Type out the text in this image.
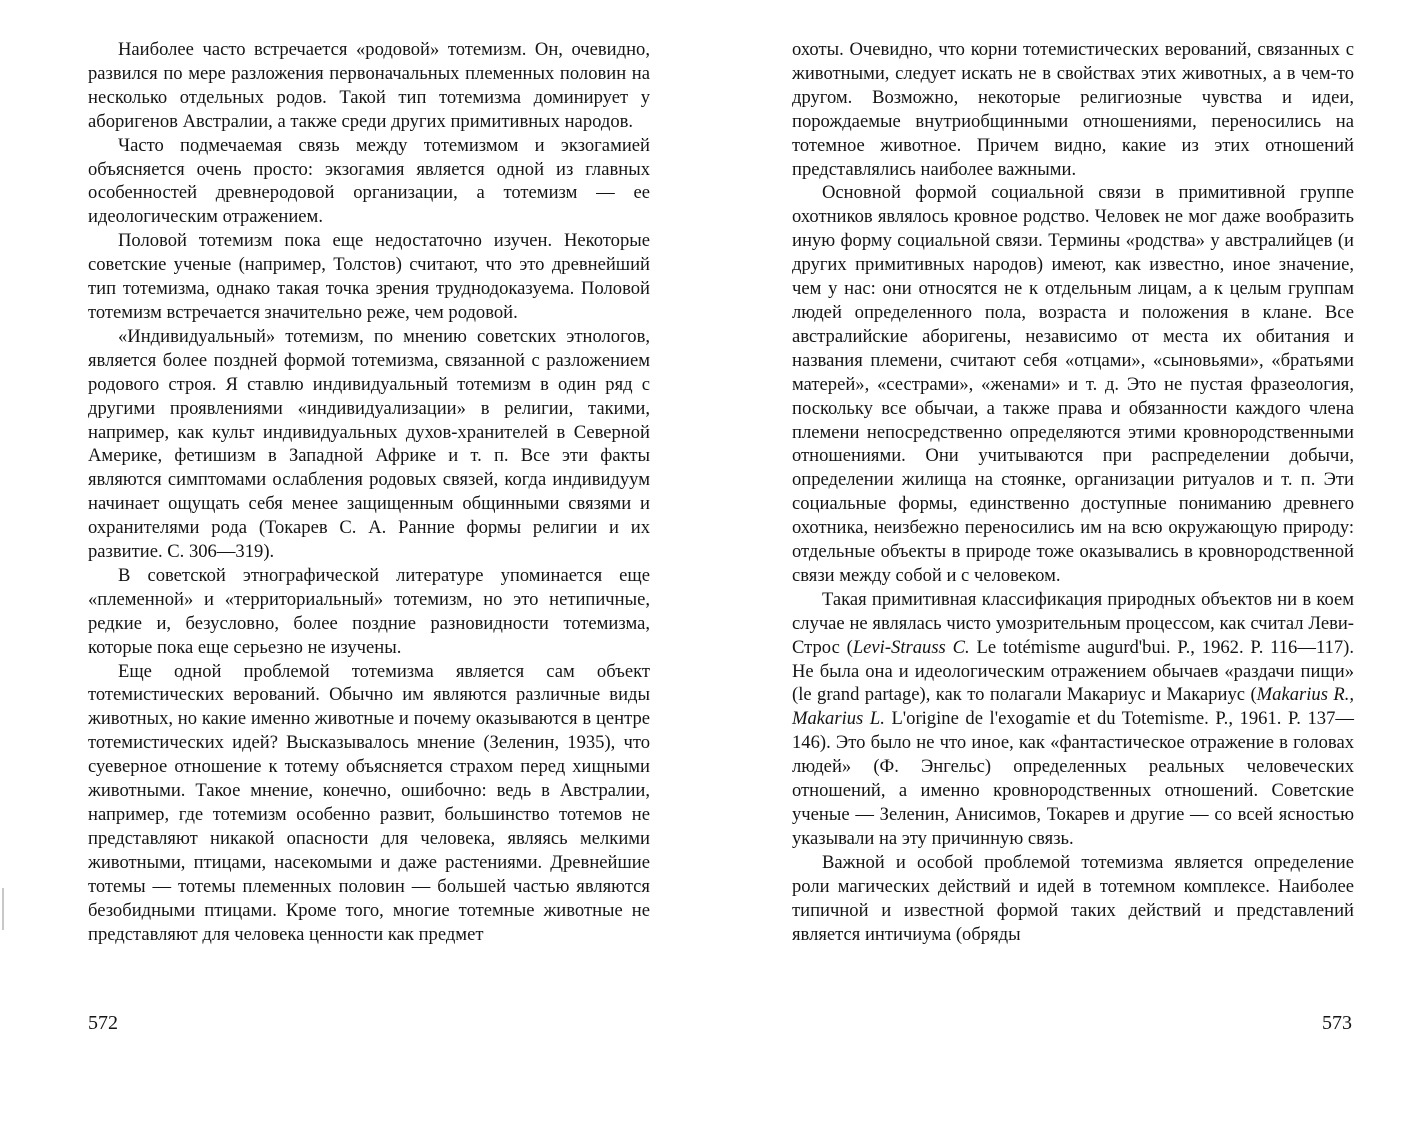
Наиболее часто встречается «родовой» тотемизм. Он, очевидно, развился по мере разложения первоначальных племенных половин на несколько отдельных родов. Такой тип тотемизма доминирует у аборигенов Австралии, а также среди других примитивных народов.

Часто подмечаемая связь между тотемизмом и экзогамией объясняется очень просто: экзогамия является одной из главных особенностей древнеродовой организации, а тотемизм — ее идеологическим отражением.

Половой тотемизм пока еще недостаточно изучен. Некоторые советские ученые (например, Толстов) считают, что это древнейший тип тотемизма, однако такая точка зрения труднодоказуема. Половой тотемизм встречается значительно реже, чем родовой.

«Индивидуальный» тотемизм, по мнению советских этнологов, является более поздней формой тотемизма, связанной с разложением родового строя. Я ставлю индивидуальный тотемизм в один ряд с другими проявлениями «индивидуализации» в религии, такими, например, как культ индивидуальных духов-хранителей в Северной Америке, фетишизм в Западной Африке и т. п. Все эти факты являются симптомами ослабления родовых связей, когда индивидуум начинает ощущать себя менее защищенным общинными связями и охранителями рода (Токарев С. А. Ранние формы религии и их развитие. С. 306—319).

В советской этнографической литературе упоминается еще «племенной» и «территориальный» тотемизм, но это нетипичные, редкие и, безусловно, более поздние разновидности тотемизма, которые пока еще серьезно не изучены.

Еще одной проблемой тотемизма является сам объект тотемистических верований. Обычно им являются различные виды животных, но какие именно животные и почему оказываются в центре тотемистических идей? Высказывалось мнение (Зеленин, 1935), что суеверное отношение к тотему объясняется страхом перед хищными животными. Такое мнение, конечно, ошибочно: ведь в Австралии, например, где тотемизм особенно развит, большинство тотемов не представляют никакой опасности для человека, являясь мелкими животными, птицами, насекомыми и даже растениями. Древнейшие тотемы — тотемы племенных половин — большей частью являются безобидными птицами. Кроме того, многие тотемные животные не представляют для человека ценности как предмет

572

охоты. Очевидно, что корни тотемистических верований, связанных с животными, следует искать не в свойствах этих животных, а в чем-то другом. Возможно, некоторые религиозные чувства и идеи, порождаемые внутриобщинными отношениями, переносились на тотемное животное. Причем видно, какие из этих отношений представлялись наиболее важными.

Основной формой социальной связи в примитивной группе охотников являлось кровное родство. Человек не мог даже вообразить иную форму социальной связи. Термины «родства» у австралийцев (и других примитивных народов) имеют, как известно, иное значение, чем у нас: они относятся не к отдельным лицам, а к целым группам людей определенного пола, возраста и положения в клане. Все австралийские аборигены, независимо от места их обитания и названия племени, считают себя «отцами», «сыновьями», «братьями матерей», «сестрами», «женами» и т. д. Это не пустая фразеология, поскольку все обычаи, а также права и обязанности каждого члена племени непосредственно определяются этими кровнородственными отношениями. Они учитываются при распределении добычи, определении жилища на стоянке, организации ритуалов и т. п. Эти социальные формы, единственно доступные пониманию древнего охотника, неизбежно переносились им на всю окружающую природу: отдельные объекты в природе тоже оказывались в кровнородственной связи между собой и с человеком.

Такая примитивная классификация природных объектов ни в коем случае не являлась чисто умозрительным процессом, как считал Леви-Строс (Levi-Strauss C. Le totémisme augurd'bui. P., 1962. P. 116—117). Не была она и идеологическим отражением обычаев «раздачи пищи» (le grand partage), как то полагали Макариус и Макариус (Makarius R., Makarius L. L'origine de l'exogamie et du Totemisme. P., 1961. P. 137—146). Это было не что иное, как «фантастическое отражение в головах людей» (Ф. Энгельс) определенных реальных человеческих отношений, а именно кровнородственных отношений. Советские ученые — Зеленин, Анисимов, Токарев и другие — со всей ясностью указывали на эту причинную связь.

Важной и особой проблемой тотемизма является определение роли магических действий и идей в тотемном комплексе. Наиболее типичной и известной формой таких действий и представлений является интичиума (обряды

573
